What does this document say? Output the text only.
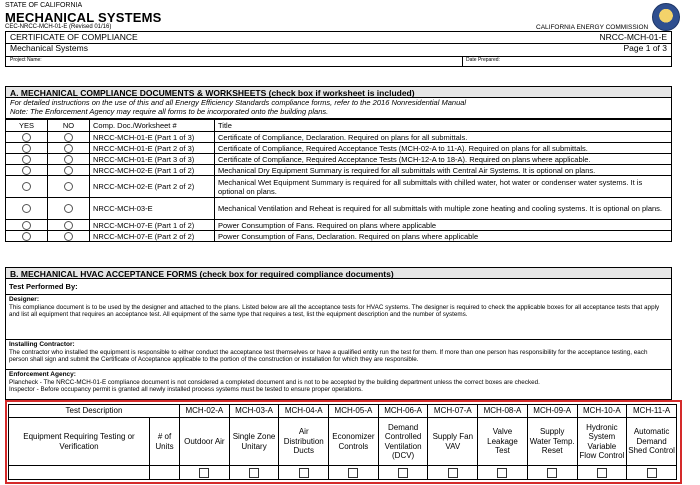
STATE OF CALIFORNIA
MECHANICAL SYSTEMS
CEC-NRCC-MCH-01-E (Revised 01/16)	CALIFORNIA ENERGY COMMISSION
CERTIFICATE OF COMPLIANCE	NRCC-MCH-01-E
Mechanical Systems	Page 1 of 3
Project Name:	Date Prepared:
A. MECHANICAL COMPLIANCE DOCUMENTS & WORKSHEETS (check box if worksheet is included)
For detailed instructions on the use of this and all Energy Efficiency Standards compliance forms, refer to the 2016 Nonresidential Manual
Note: The Enforcement Agency may require all forms to be incorporated onto the building plans.
YES	NO	Comp. Doc./Worksheet #	Title
		NRCC-MCH-01-E (Part 1 of 3)	Certificate of Compliance, Declaration. Required on plans for all submittals.
		NRCC-MCH-01-E (Part 2 of 3)	Certificate of Compliance, Required Acceptance Tests (MCH-02-A to 11-A). Required on plans for all submittals.
		NRCC-MCH-01-E (Part 3 of 3)	Certificate of Compliance, Required Acceptance Tests (MCH-12-A to 18-A). Required on plans where applicable.
		NRCC-MCH-02-E (Part 1 of 2)	Mechanical Dry Equipment Summary is required for all submittals with Central Air Systems. It is optional on plans.
		NRCC-MCH-02-E (Part 2 of 2)	Mechanical Wet Equipment Summary is required for all submittals with chilled water, hot water or condenser water systems. It is optional on plans.
		NRCC-MCH-03-E	Mechanical Ventilation and Reheat is required for all submittals with multiple zone heating and cooling systems. It is optional on plans.
		NRCC-MCH-07-E (Part 1 of 2)	Power Consumption of Fans. Required on plans where applicable
		NRCC-MCH-07-E (Part 2 of 2)	Power Consumption of Fans, Declaration. Required on plans where applicable
B. MECHANICAL HVAC ACCEPTANCE FORMS (check box for required compliance documents)
Test Performed By:
Designer:
This compliance document is to be used by the designer and attached to the plans. Listed below are all the acceptance tests for HVAC systems. The designer is required to check the applicable boxes for all acceptance tests that apply and list all equipment that requires an acceptance test. All equipment of the same type that requires a test, list the equipment description and the number of systems.
Installing Contractor:
The contractor who installed the equipment is responsible to either conduct the acceptance test themselves or have a qualified entity run the test for them. If more than one person has responsibility for the acceptance testing, each person shall sign and submit the Certificate of Acceptance applicable to the portion of the construction or installation for which they are responsible.
Enforcement Agency:
Plancheck - The NRCC-MCH-01-E compliance document is not considered a completed document and is not to be accepted by the building department unless the correct boxes are checked.
Inspector - Before occupancy permit is granted all newly installed process systems must be tested to ensure proper operations.
Test Description		MCH-02-A	MCH-03-A	MCH-04-A	MCH-05-A	MCH-06-A	MCH-07-A	MCH-08-A	MCH-09-A	MCH-10-A	MCH-11-A
Equipment Requiring Testing or Verification	# of Units	Outdoor Air	Single Zone Unitary	Air Distribution Ducts	Economizer Controls	Demand Controlled Ventilation (DCV)	Supply Fan VAV	Valve Leakage Test	Supply Water Temp. Reset	Hydronic System Variable Flow Control	Automatic Demand Shed Control
